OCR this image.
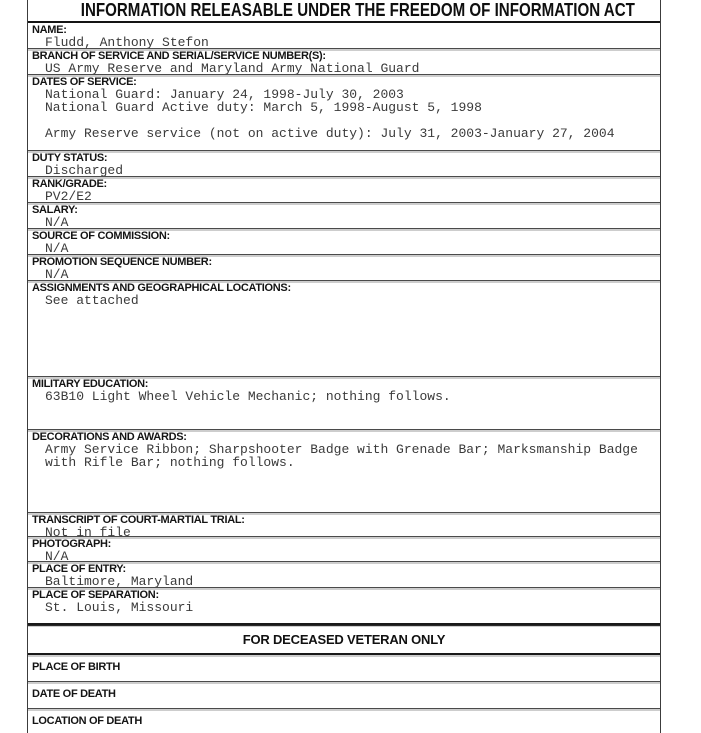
INFORMATION RELEASABLE UNDER THE FREEDOM OF INFORMATION ACT
NAME:
Fludd, Anthony Stefon
BRANCH OF SERVICE AND SERIAL/SERVICE NUMBER(S):
US Army Reserve and Maryland Army National Guard
DATES OF SERVICE:
National Guard: January 24, 1998-July 30, 2003
National Guard Active duty: March 5, 1998-August 5, 1998
Army Reserve service (not on active duty): July 31, 2003-January 27, 2004
DUTY STATUS:
Discharged
RANK/GRADE:
PV2/E2
SALARY:
N/A
SOURCE OF COMMISSION:
N/A
PROMOTION SEQUENCE NUMBER:
N/A
ASSIGNMENTS AND GEOGRAPHICAL LOCATIONS:
See attached
MILITARY EDUCATION:
63B10 Light Wheel Vehicle Mechanic; nothing follows.
DECORATIONS AND AWARDS:
Army Service Ribbon; Sharpshooter Badge with Grenade Bar; Marksmanship Badge
with Rifle Bar; nothing follows.
TRANSCRIPT OF COURT-MARTIAL TRIAL:
Not in file
PHOTOGRAPH:
N/A
PLACE OF ENTRY:
Baltimore, Maryland
PLACE OF SEPARATION:
St. Louis, Missouri
FOR DECEASED VETERAN ONLY
PLACE OF BIRTH
DATE OF DEATH
LOCATION OF DEATH
